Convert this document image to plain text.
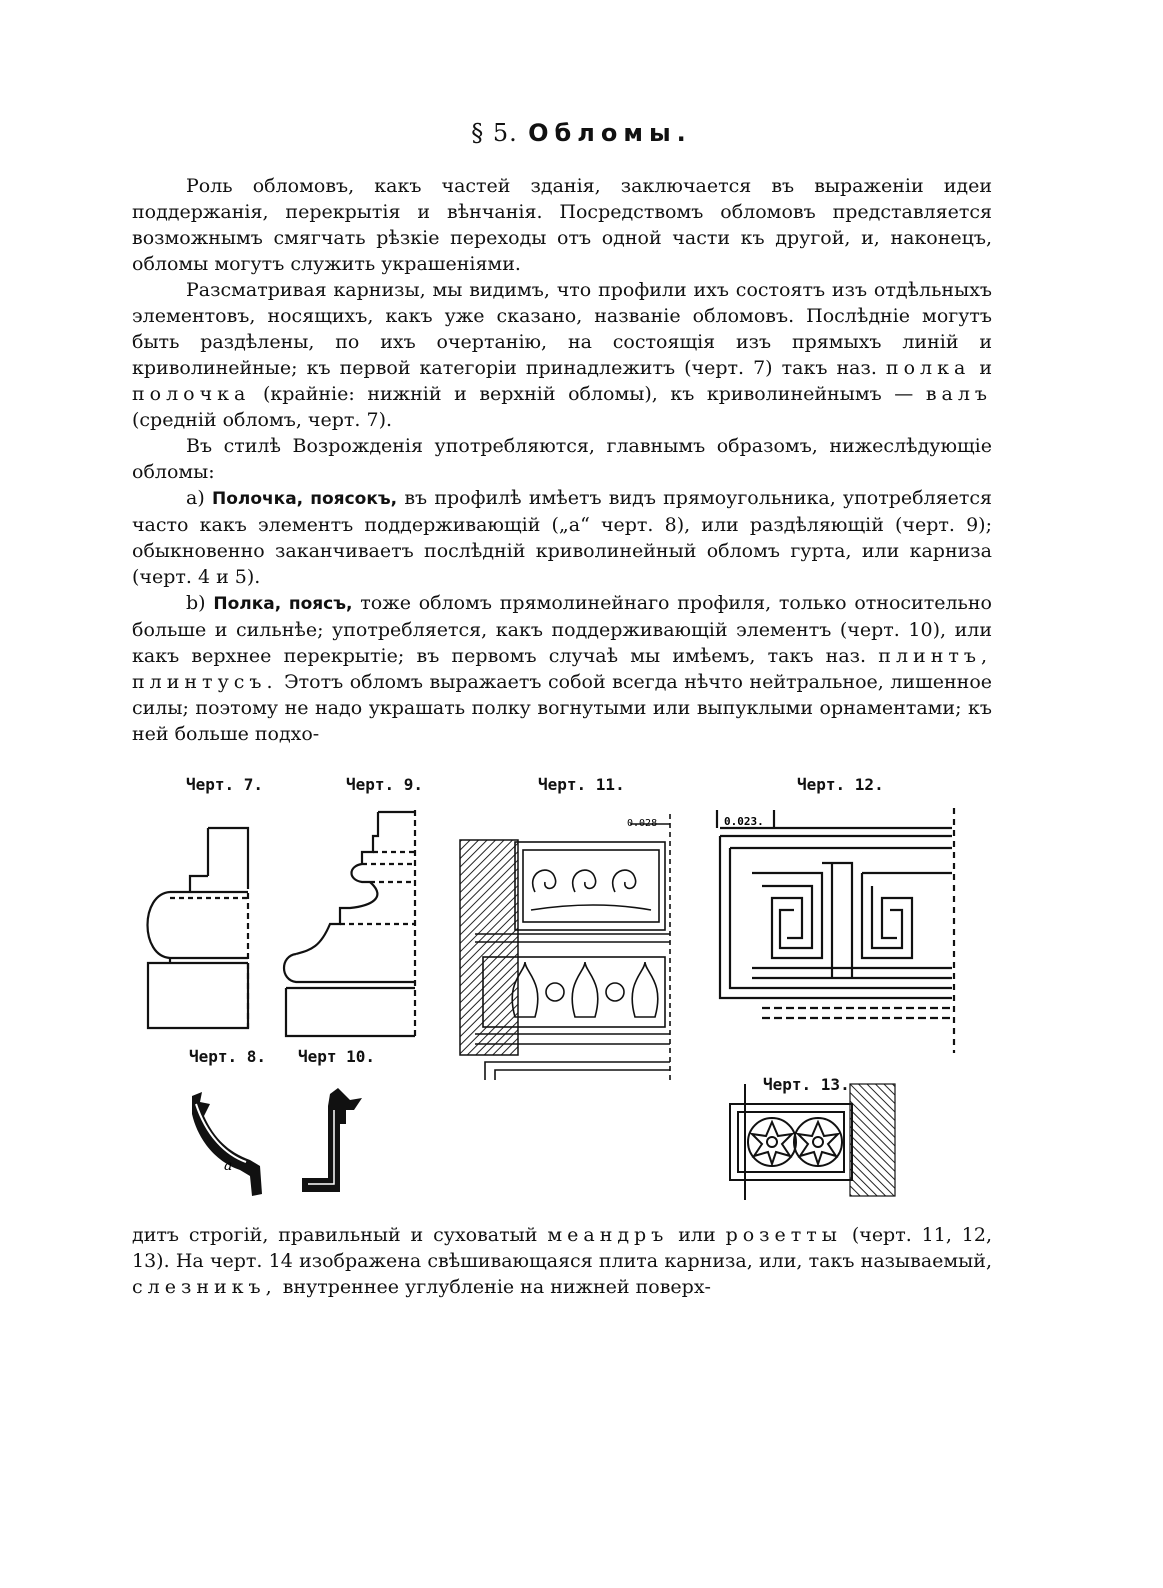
§ 5. Обломы.

Роль обломовъ, какъ частей зданія, заключается въ выраженіи идеи поддержанія, перекрытія и вѣнчанія. Посредствомъ обломовъ представляется возможнымъ смягчать рѣзкіе переходы отъ одной части къ другой, и, наконецъ, обломы могутъ служить украшеніями.

Разсматривая карнизы, мы видимъ, что профили ихъ состоятъ изъ отдѣльныхъ элементовъ, носящихъ, какъ уже сказано, названіе обломовъ. Послѣдніе могутъ быть раздѣлены, по ихъ очертанію, на состоящія изъ прямыхъ линій и криволинейные; къ первой категоріи принадлежитъ (черт. 7) такъ наз. полка и полочка (крайніе: нижній и верхній обломы), къ криволинейнымъ — валъ (средній обломъ, черт. 7).

Въ стилѣ Возрожденія употребляются, главнымъ образомъ, нижеслѣдующіе обломы:

a) Полочка, поясокъ, въ профилѣ имѣетъ видъ прямоугольника, употребляется часто какъ элементъ поддерживающій („a“ черт. 8), или раздѣляющій (черт. 9); обыкновенно заканчиваетъ послѣдній криволинейный обломъ гурта, или карниза (черт. 4 и 5).

b) Полка, поясъ, тоже обломъ прямолинейнаго профиля, только относительно больше и сильнѣе; употребляется, какъ поддерживающій элементъ (черт. 10), или какъ верхнее перекрытіе; въ первомъ случаѣ мы имѣемъ, такъ наз. плинтъ, плинтусъ. Этотъ обломъ выражаетъ собой всегда нѣчто нейтральное, лишенное силы; поэтому не надо украшать полку вогнутыми или выпуклыми орнаментами; къ ней больше подхо-

Черт. 7.	Черт. 9.	Черт. 11.	Черт. 12.
Черт. 8. Черт 10.
Черт. 13.
0.028	0.023.
a

дитъ строгій, правильный и суховатый меандръ или розетты (черт. 11, 12, 13). На черт. 14 изображена свѣшивающаяся плита карниза, или, такъ называемый, слезникъ, внутреннее углубленіе на нижней поверх-
